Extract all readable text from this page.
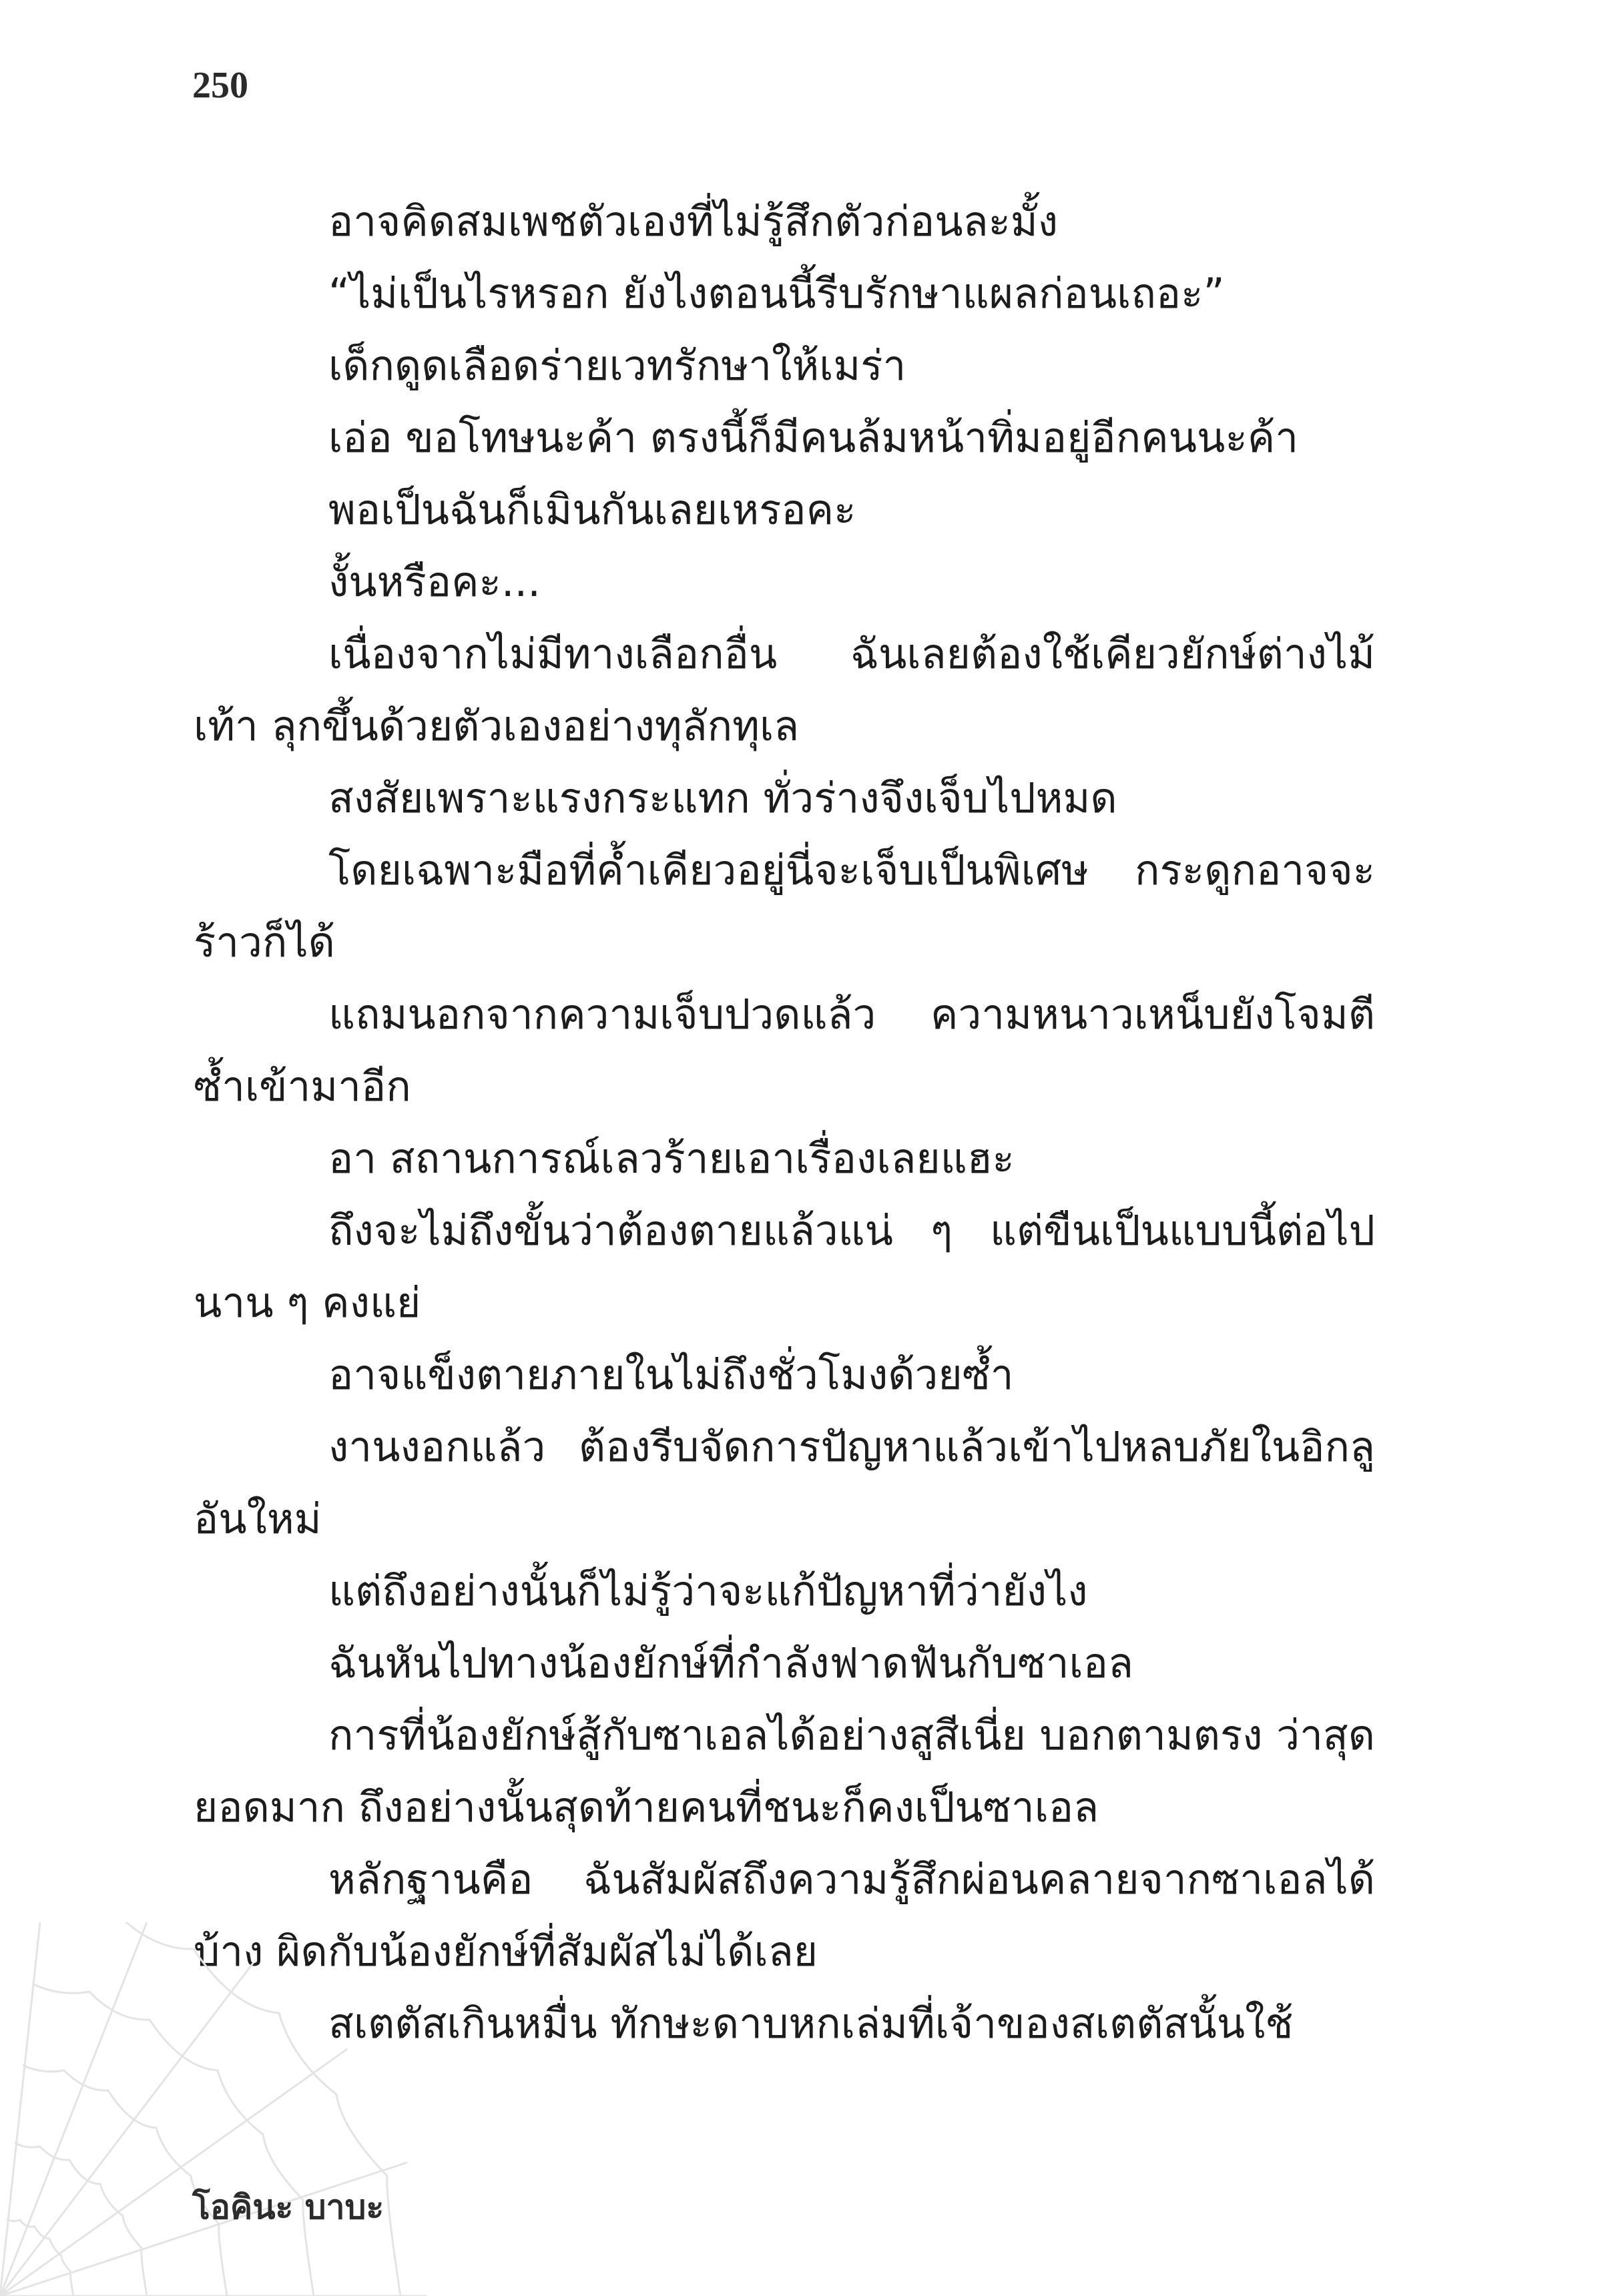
250

อาจคิดสมเพชตัวเองที่ไม่รู้สึกตัวก่อนละมั้ง

“ไม่เป็นไรหรอก ยังไงตอนนี้รีบรักษาแผลก่อนเถอะ”

เด็กดูดเลือดร่ายเวทรักษาให้เมร่า

เอ่อ ขอโทษนะค้า ตรงนี้ก็มีคนล้มหน้าทิ่มอยู่อีกคนนะค้า

พอเป็นฉันก็เมินกันเลยเหรอคะ

งั้นหรือคะ...

เนื่องจากไม่มีทางเลือกอื่น ฉันเลยต้องใช้เคียวยักษ์ต่างไม้เท้า ลุกขึ้นด้วยตัวเองอย่างทุลักทุเล

สงสัยเพราะแรงกระแทก ทั่วร่างจึงเจ็บไปหมด

โดยเฉพาะมือที่ค้ำเคียวอยู่นี่จะเจ็บเป็นพิเศษ กระดูกอาจจะ ร้าวก็ได้

แถมนอกจากความเจ็บปวดแล้ว ความหนาวเหน็บยังโจมตี ซ้ำเข้ามาอีก

อา สถานการณ์เลวร้ายเอาเรื่องเลยแฮะ

ถึงจะไม่ถึงขั้นว่าต้องตายแล้วแน่ ๆ แต่ขืนเป็นแบบนี้ต่อไป นาน ๆ คงแย่

อาจแข็งตายภายในไม่ถึงชั่วโมงด้วยซ้ำ

งานงอกแล้ว ต้องรีบจัดการปัญหาแล้วเข้าไปหลบภัยในอิกลู อันใหม่

แต่ถึงอย่างนั้นก็ไม่รู้ว่าจะแก้ปัญหาที่ว่ายังไง

ฉันหันไปทางน้องยักษ์ที่กำลังฟาดฟันกับซาเอล

การที่น้องยักษ์สู้กับซาเอลได้อย่างสูสีเนี่ย บอกตามตรง ว่าสุดยอดมาก ถึงอย่างนั้นสุดท้ายคนที่ชนะก็คงเป็นซาเอล

หลักฐานคือ ฉันสัมผัสถึงความรู้สึกผ่อนคลายจากซาเอลได้ บ้าง ผิดกับน้องยักษ์ที่สัมผัสไม่ได้เลย

สเตตัสเกินหมื่น ทักษะดาบหกเล่มที่เจ้าของสเตตัสนั้นใช้

โอคินะ บาบะ
